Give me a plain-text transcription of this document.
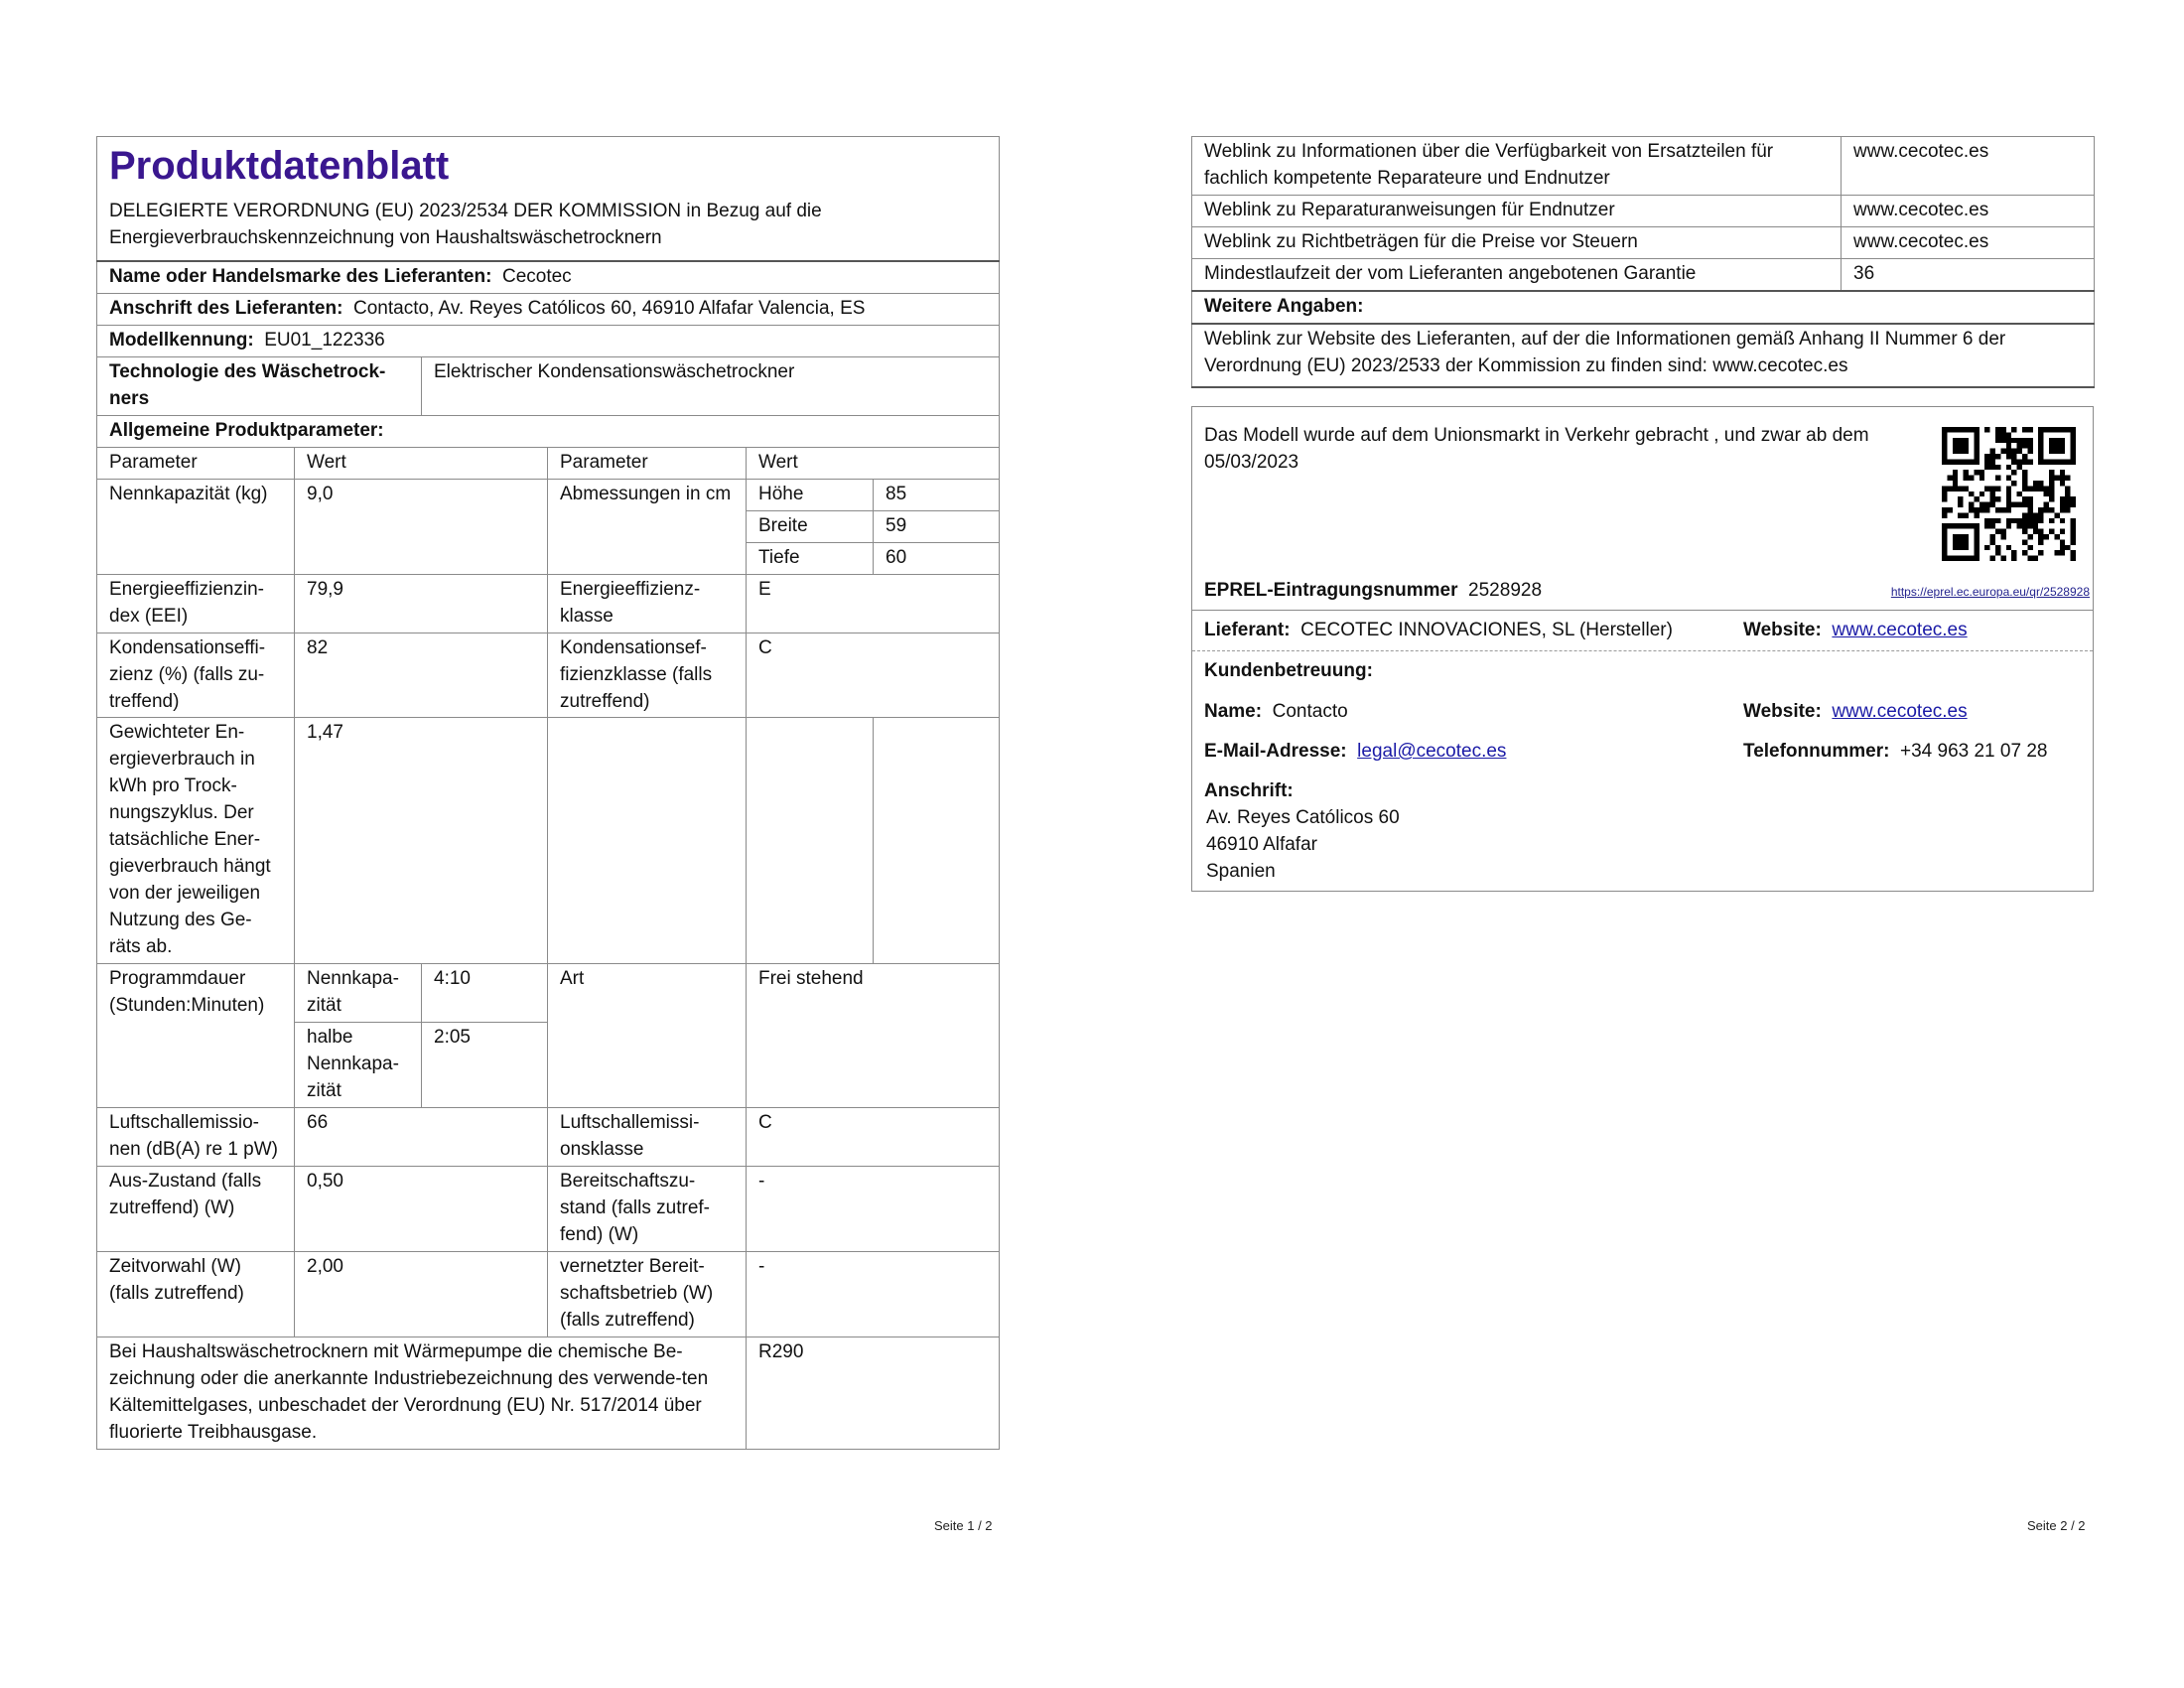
Produktdatenblatt
DELEGIERTE VERORDNUNG (EU) 2023/2534 DER KOMMISSION in Bezug auf die Energieverbrauchskennzeichnung von Haushaltswäschetrocknern					

Name oder Handelsmarke des Lieferanten: Cecotec					
Anschrift des Lieferanten: Contacto, Av. Reyes Católicos 60, 46910 Alfafar Valencia, ES					
Modellkennung: EU01_122336					
Technologie des Wäschetrock-ners		Elektrischer Kondensationswäschetrockner			
Allgemeine Produktparameter:					
Parameter	Wert		Parameter	Wert	
Nennkapazität (kg)	9,0		Abmessungen in cm	Höhe	85
				Breite	59
				Tiefe	60
Energieeffizienzin-dex (EEI)	79,9		Energieeffizienz-klasse	E	
Kondensationseffi-zienz (%) (falls zu-treffend)	82		Kondensationsef-fizienzklasse (falls zutreffend)	C	
Gewichteter En-ergieverbrauch in kWh pro Trock-nungszyklus. Der tatsächliche Ener-gieverbrauch hängt von der jeweiligen Nutzung des Ge-räts ab.	1,47				
Programmdauer (Stunden:Minuten)	Nennkapa-zität	4:10	Art	Frei stehend	
	halbe Nennkapa-zität	2:05			
Luftschallemissio-nen (dB(A) re 1 pW)	66		Luftschallemissi-onsklasse	C	
Aus-Zustand (falls zutreffend) (W)	0,50		Bereitschaftszu-stand (falls zutref-fend) (W)	-	
Zeitvorwahl (W) (falls zutreffend)	2,00		vernetzter Bereit-schaftsbetrieb (W) (falls zutreffend)	-	
Bei Haushaltswäschetrocknern mit Wärmepumpe die chemische Be-zeichnung oder die anerkannte Industriebezeichnung des verwende-ten Kältemittelgases, unbeschadet der Verordnung (EU) Nr. 517/2014 über fluorierte Treibhausgase.				R290	
Seite 1 / 2
Weblink zu Informationen über die Verfügbarkeit von Ersatzteilen für fachlich kompetente Reparateure und Endnutzer	www.cecotec.es
Weblink zu Reparaturanweisungen für Endnutzer	www.cecotec.es
Weblink zu Richtbeträgen für die Preise vor Steuern	www.cecotec.es
Mindestlaufzeit der vom Lieferanten angebotenen Garantie	36
Weitere Angaben:	
Weblink zur Website des Lieferanten, auf der die Informationen gemäß Anhang II Nummer 6 der Verordnung (EU) 2023/2533 der Kommission zu finden sind: www.cecotec.es	
Das Modell wurde auf dem Unionsmarkt in Verkehr gebracht , und zwar ab dem 05/03/2023
EPREL-Eintragungsnummer 2528928	https://eprel.ec.europa.eu/qr/2528928
Lieferant: CECOTEC INNOVACIONES, SL (Hersteller)	Website: www.cecotec.es
Kundenbetreuung:
Name: Contacto	Website: www.cecotec.es
E-Mail-Adresse: legal@cecotec.es	Telefonnummer: +34 963 21 07 28
Anschrift:
Av. Reyes Católicos 60
46910 Alfafar
Spanien
Seite 2 / 2
